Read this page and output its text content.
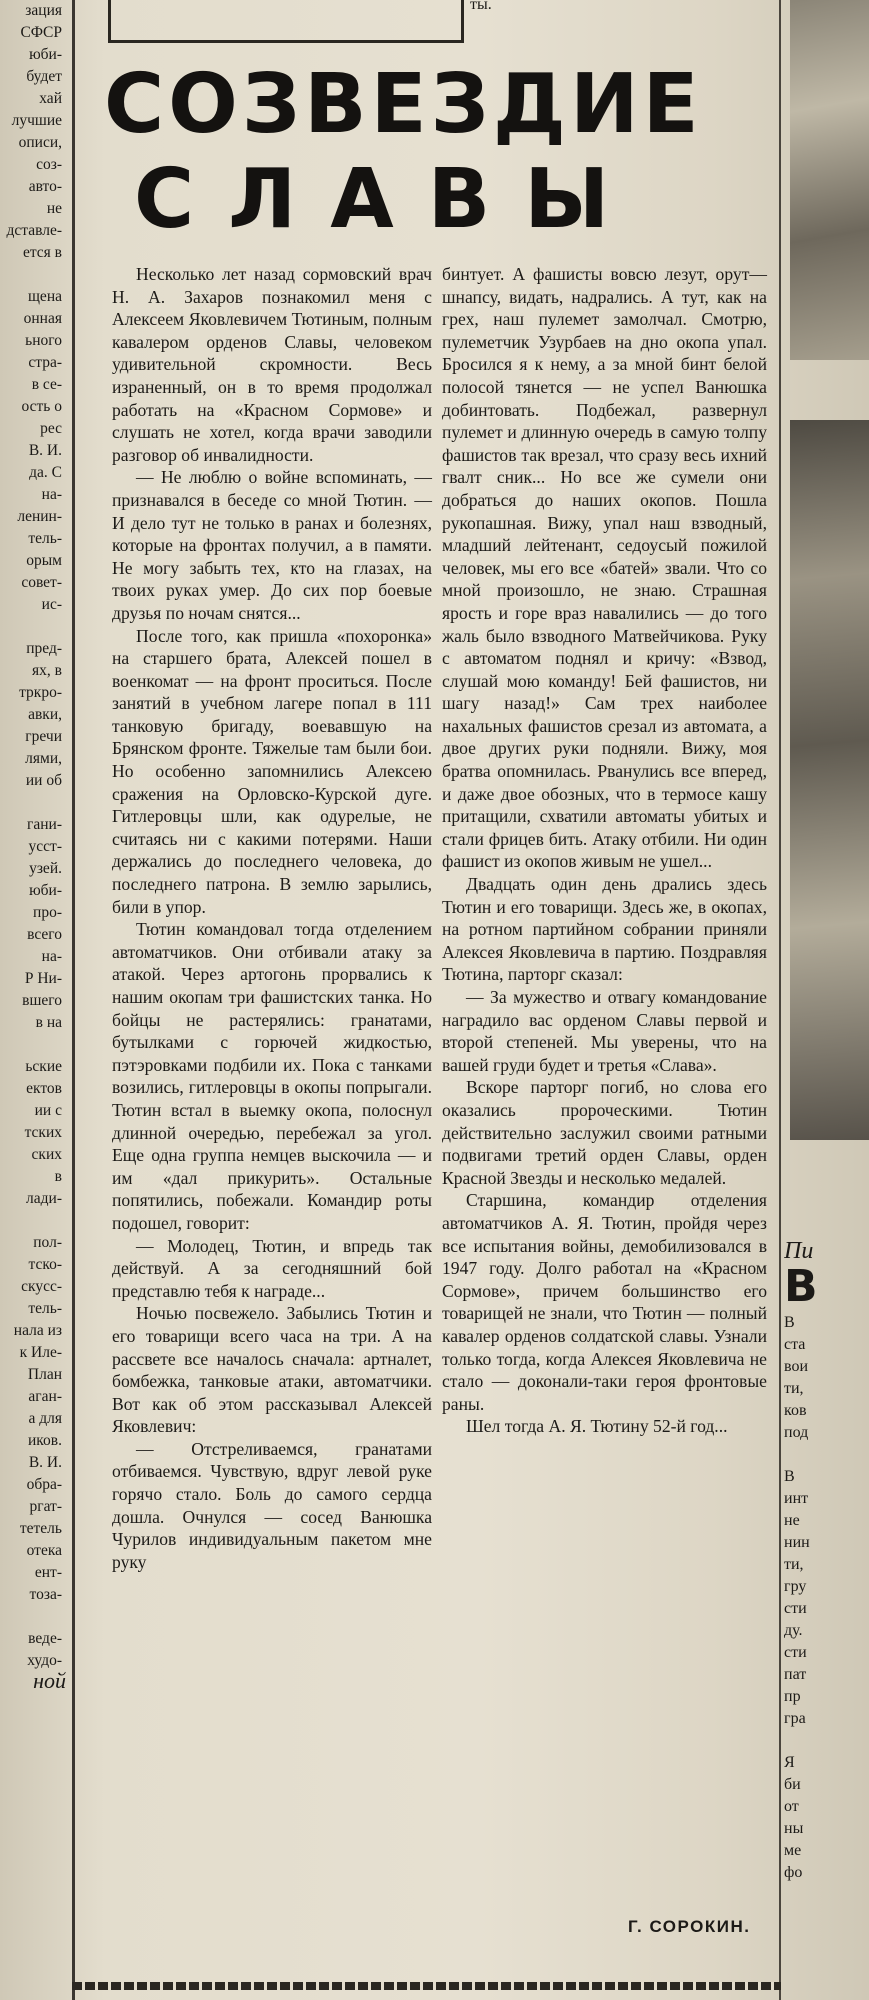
зация
СФСР
юби-
будет
хай
лучшие
описи,
соз-
авто-
не
дставле-
ется в

щена
онная
ьного
стра-
в се-
ость о
рес
В. И.
да. С
на-
ленин-
тель-
орым
совет-
ис-

пред-
ях, в
тркро-
авки,
гречи
лями,
ии об

гани-
усст-
узей.
юби-
про-
всего
на-
Р Ни-
вшего
в на

ьские
ектов
ии с
тских
ских
в
лади-

пол-
тско-
скусс-
тель-
нала из
к Иле-
План
аган-
а для
иков.
В. И.
обра-
ргат-
тетель
отека
ент-
тоза-

веде-
худо-
ной
ты.
СОЗВЕЗДИЕ
СЛАВЫ

Несколько лет назад сормовский врач Н. А. Захаров познакомил меня с Алексеем Яковлевичем Тютиным, полным кавалером орденов Славы, человеком удивительной скромности. Весь израненный, он в то время продолжал работать на «Красном Сормове» и слушать не хотел, когда врачи заводили разговор об инвалидности.

— Не люблю о войне вспоминать, — признавался в беседе со мной Тютин. — И дело тут не только в ранах и болезнях, которые на фронтах получил, а в памяти. Не могу забыть тех, кто на глазах, на твоих руках умер. До сих пор боевые друзья по ночам снятся...

После того, как пришла «похоронка» на старшего брата, Алексей пошел в военкомат — на фронт проситься. После занятий в учебном лагере попал в 111 танковую бригаду, воевавшую на Брянском фронте. Тяжелые там были бои. Но особенно запомнились Алексею сражения на Орловско-Курской дуге. Гитлеровцы шли, как одурелые, не считаясь ни с какими потерями. Наши держались до последнего человека, до последнего патрона. В землю зарылись, били в упор.

Тютин командовал тогда отделением автоматчиков. Они отбивали атаку за атакой. Через артогонь прорвались к нашим окопам три фашистских танка. Но бойцы не растерялись: гранатами, бутылками с горючей жидкостью, пэтэровками подбили их. Пока с танками возились, гитлеровцы в окопы попрыгали. Тютин встал в выемку окопа, полоснул длинной очередью, перебежал за угол. Еще одна группа немцев выскочила — и им «дал прикурить». Остальные попятились, побежали. Командир роты подошел, говорит:

— Молодец, Тютин, и впредь так действуй. А за сегодняшний бой представлю тебя к награде...

Ночью посвежело. Забылись Тютин и его товарищи всего часа на три. А на рассвете все началось сначала: артналет, бомбежка, танковые атаки, автоматчики. Вот как об этом рассказывал Алексей Яковлевич:

— Отстреливаемся, гранатами отбиваемся. Чувствую, вдруг левой руке горячо стало. Боль до самого сердца дошла. Очнулся — сосед Ванюшка Чурилов индивидуальным пакетом мне руку

бинтует. А фашисты вовсю лезут, орут—шнапсу, видать, надрались. А тут, как на грех, наш пулемет замолчал. Смотрю, пулеметчик Узурбаев на дно окопа упал. Бросился я к нему, а за мной бинт белой полосой тянется — не успел Ванюшка добинтовать. Подбежал, развернул пулемет и длинную очередь в самую толпу фашистов так врезал, что сразу весь ихний гвалт сник... Но все же сумели они добраться до наших окопов. Пошла рукопашная. Вижу, упал наш взводный, младший лейтенант, седоусый пожилой человек, мы его все «батей» звали. Что со мной произошло, не знаю. Страшная ярость и горе враз навалились — до того жаль было взводного Матвейчикова. Руку с автоматом поднял и кричу: «Взвод, слушай мою команду! Бей фашистов, ни шагу назад!» Сам трех наиболее нахальных фашистов срезал из автомата, а двое других руки подняли. Вижу, моя братва опомнилась. Рванулись все вперед, и даже двое обозных, что в термосе кашу притащили, схватили автоматы убитых и стали фрицев бить. Атаку отбили. Ни один фашист из окопов живым не ушел...

Двадцать один день дрались здесь Тютин и его товарищи. Здесь же, в окопах, на ротном партийном собрании приняли Алексея Яковлевича в партию. Поздравляя Тютина, парторг сказал:

— За мужество и отвагу командование наградило вас орденом Славы первой и второй степеней. Мы уверены, что на вашей груди будет и третья «Слава».

Вскоре парторг погиб, но слова его оказались пророческими. Тютин действительно заслужил своими ратными подвигами третий орден Славы, орден Красной Звезды и несколько медалей.

Старшина, командир отделения автоматчиков А. Я. Тютин, пройдя через все испытания войны, демобилизовался в 1947 году. Долго работал на «Красном Сормове», причем большинство его товарищей не знали, что Тютин — полный кавалер орденов солдатской славы. Узнали только тогда, когда Алексея Яковлевича не стало — доконали-таки героя фронтовые раны.

Шел тогда А. Я. Тютину 52-й год...

Г. СОРОКИН.
Пи
В
В
ста
вои
ти,
ков
под

В
инт
не
нин
ти,
гру
сти
ду.
сти
пат
пр
гра

Я
би
от
ны
ме
фо
